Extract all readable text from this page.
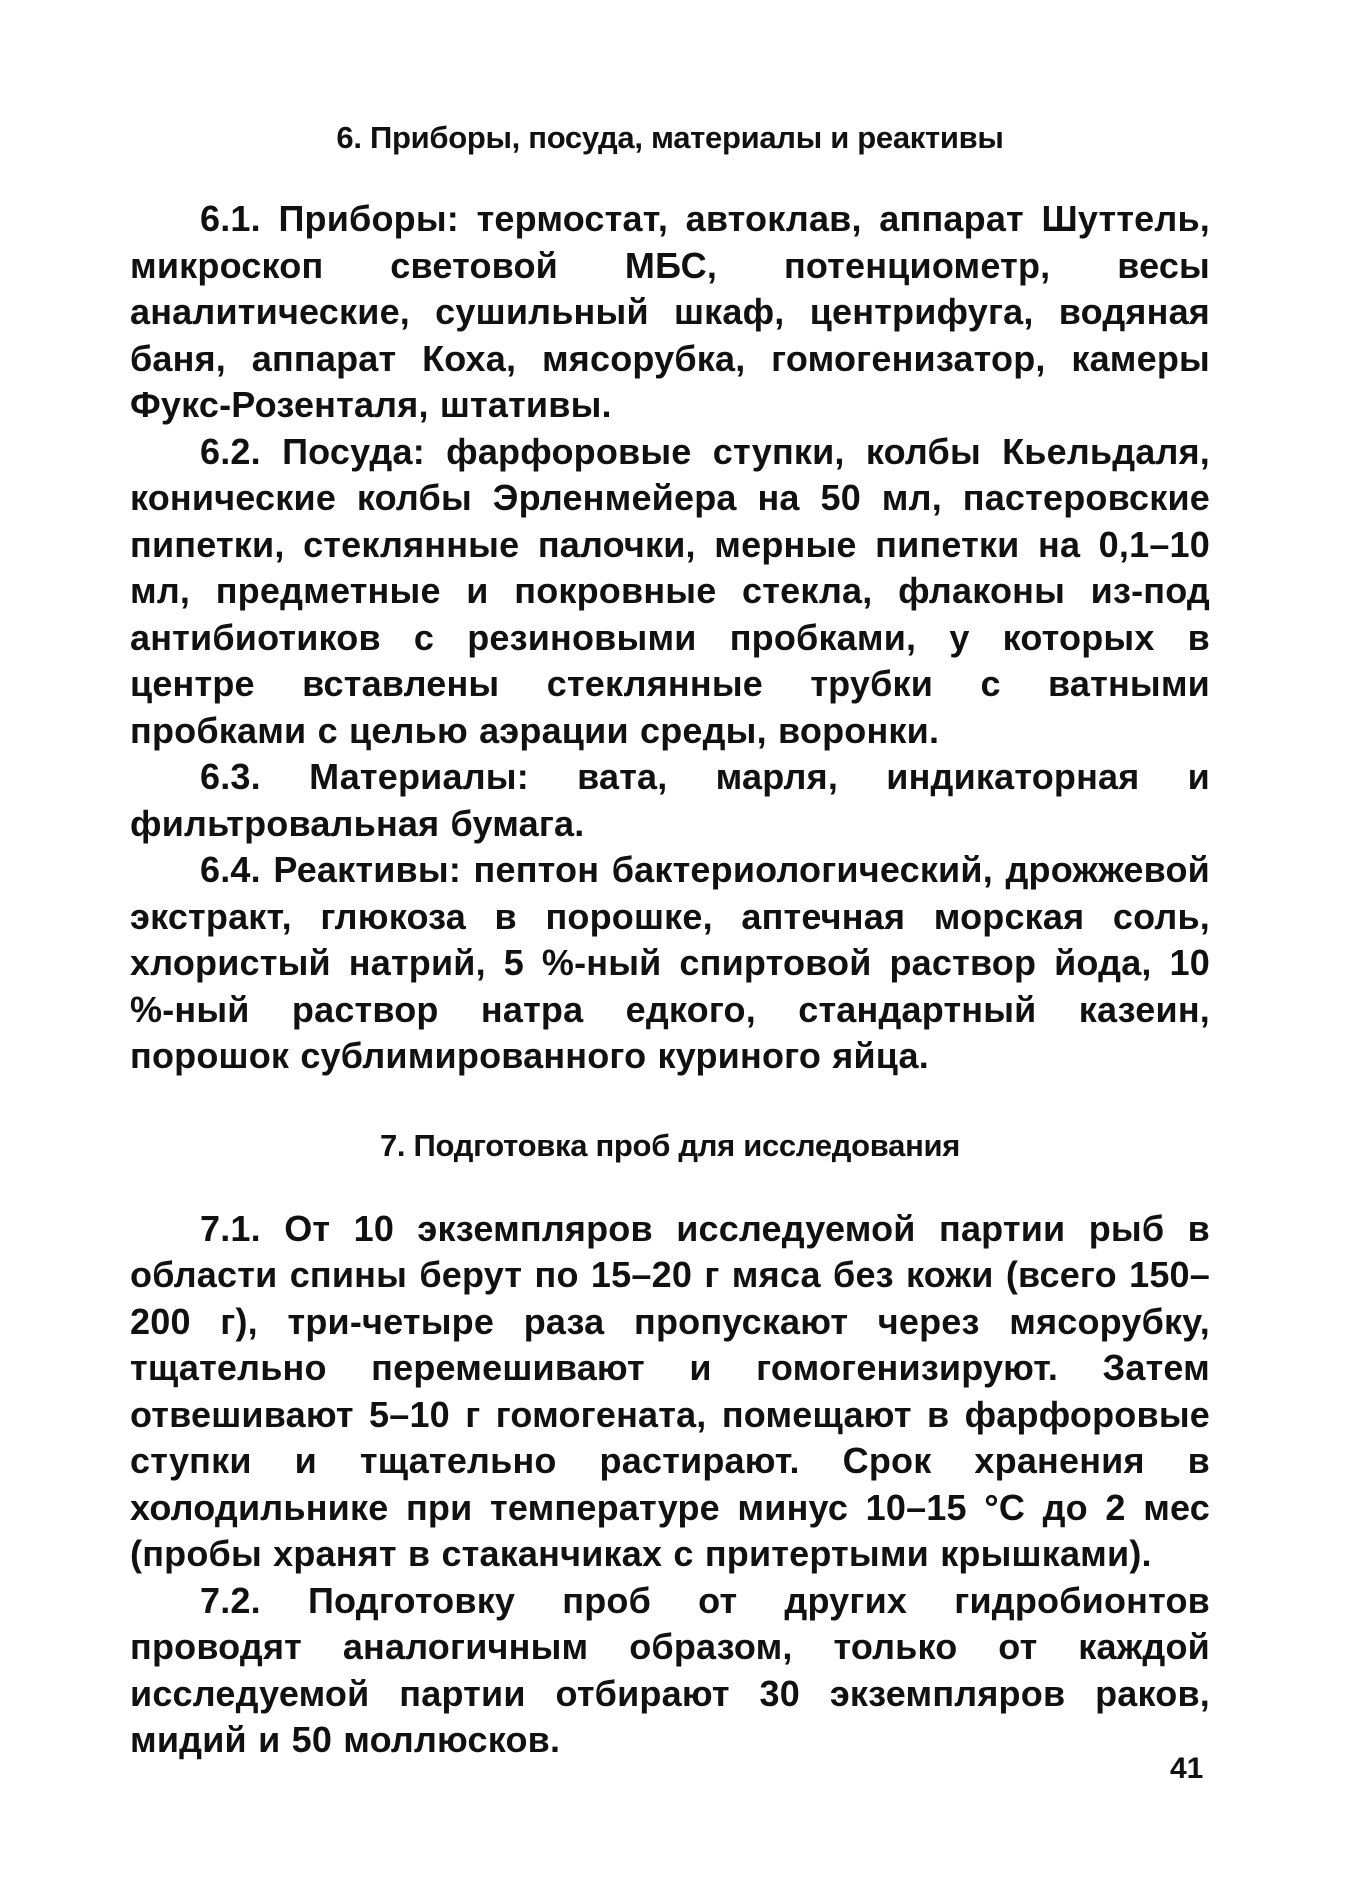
6. Приборы, посуда, материалы и реактивы

6.1. Приборы: термостат, автоклав, аппарат Шуттель, микроскоп световой МБС, потенциометр, весы аналитические, сушильный шкаф, центрифуга, водяная баня, аппарат Коха, мясорубка, гомогенизатор, камеры Фукс-Розенталя, штативы.

6.2. Посуда: фарфоровые ступки, колбы Кьельдаля, конические колбы Эрленмейера на 50 мл, пастеровские пипетки, стеклянные палочки, мерные пипетки на 0,1–10 мл, предметные и покровные стекла, флаконы из-под антибиотиков с резиновыми пробками, у которых в центре вставлены стеклянные трубки с ватными пробками с целью аэрации среды, воронки.

6.3. Материалы: вата, марля, индикаторная и фильтровальная бумага.

6.4. Реактивы: пептон бактериологический, дрожжевой экстракт, глюкоза в порошке, аптечная морская соль, хлористый натрий, 5 %-ный спиртовой раствор йода, 10 %-ный раствор натра едкого, стандартный казеин, порошок сублимированного куриного яйца.

7. Подготовка проб для исследования

7.1. От 10 экземпляров исследуемой партии рыб в области спины берут по 15–20 г мяса без кожи (всего 150–200 г), три-четыре раза пропускают через мясорубку, тщательно перемешивают и гомогенизируют. Затем отвешивают 5–10 г гомогената, помещают в фарфоровые ступки и тщательно растирают. Срок хранения в холодильнике при температуре минус 10–15 °С до 2 мес (пробы хранят в стаканчиках с притертыми крышками).

7.2. Подготовку проб от других гидробионтов проводят аналогичным образом, только от каждой исследуемой партии отбирают 30 экземпляров раков, мидий и 50 моллюсков.

41
